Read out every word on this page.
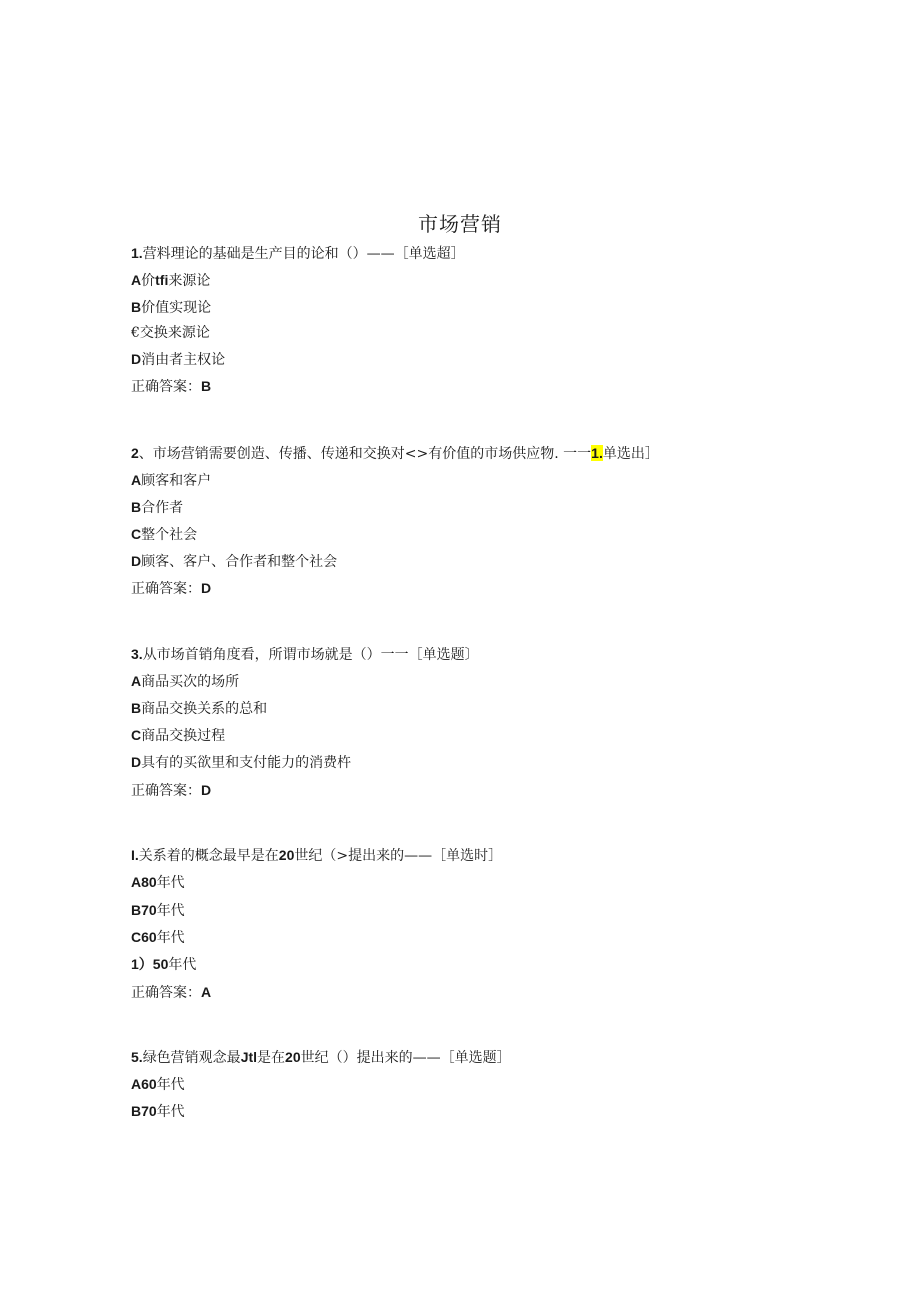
市场营销
1.营料理论的基础是生产目的论和（）——［单选超］
A价tfi来源论
B价值实现论
€交换来源论
D消由者主权论
正确答案：B
2、市场营销需要创造、传播、传递和交换对<>有价值的市场供应物. 一一1.单选出］
A顾客和客户
B合作者
C整个社会
D顾客、客户、合作者和整个社会
正确答案：D
3.从市场首销角度看，所谓市场就是（）一一［单选题〕
A商品买次的场所
B商品交换关系的总和
C商品交换过程
D具有的买欲里和支付能力的消费杵
正确答案：D
I.关系着的概念最早是在20世纪（>提出来的——［单选时］
A80年代
B70年代
C60年代
1）50年代
正确答案：A
5.绿色营销观念最Jtl是在20世纪（）提出来的——［单选题］
A60年代
B70年代
